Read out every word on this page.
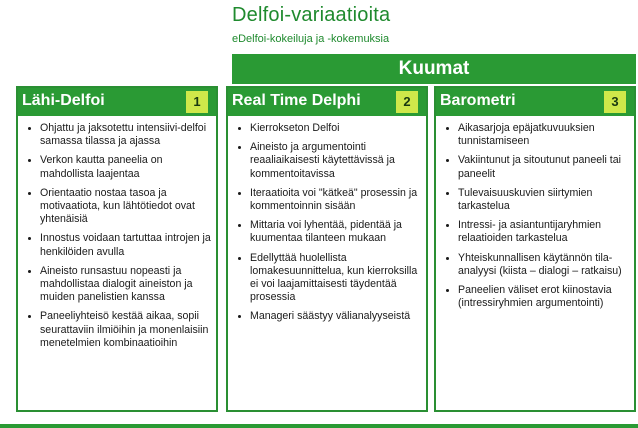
Delfoi-variaatioita
eDelfoi-kokeiluja ja -kokemuksia
Kuumat
Lähi-Delfoi	1
• Ohjattu ja jaksotettu intensiivi-delfoi samassa tilassa ja ajassa
• Verkon kautta paneelia on mahdollista laajentaa
• Orientaatio nostaa tasoa ja motivaatiota, kun lähtötiedot ovat yhtenäisiä
• Innostus voidaan tartuttaa introjen ja henkilöiden avulla
• Aineisto runsastuu nopeasti ja mahdollistaa dialogit aineiston ja muiden panelistien kanssa
• Paneeliyhteisö kestää aikaa, sopii seurattaviin ilmiöihin ja monenlaisiin menetelmien kombinaatioihin
Real Time Delphi	2
• Kierrokseton Delfoi
• Aineisto ja argumentointi reaaliaikaisesti käytettävissä ja kommentoitavissa
• Iteraatioita voi "kätkeä" prosessin ja kommentoinnin sisään
• Mittaria voi lyhentää, pidentää ja kuumentaa tilanteen mukaan
• Edellyttää huolellista lomakesuunnittelua, kun kierroksilla ei voi laajamittaisesti täydentää prosessia
• Manageri säästyy välianalyyseistä
Barometri	3
• Aikasarjoja epäjatkuvuuksien tunnistamiseen
• Vakiintunut ja sitoutunut paneeli tai paneelit
• Tulevaisuuskuvien siirtymien tarkastelua
• Intressi- ja asiantuntijaryhmien relaatioiden tarkastelua
• Yhteiskunnallisen käytännön tila-analyysi (kiista – dialogi – ratkaisu)
• Paneelien väliset erot kiinostavia (intressiryhmien argumentointi)
